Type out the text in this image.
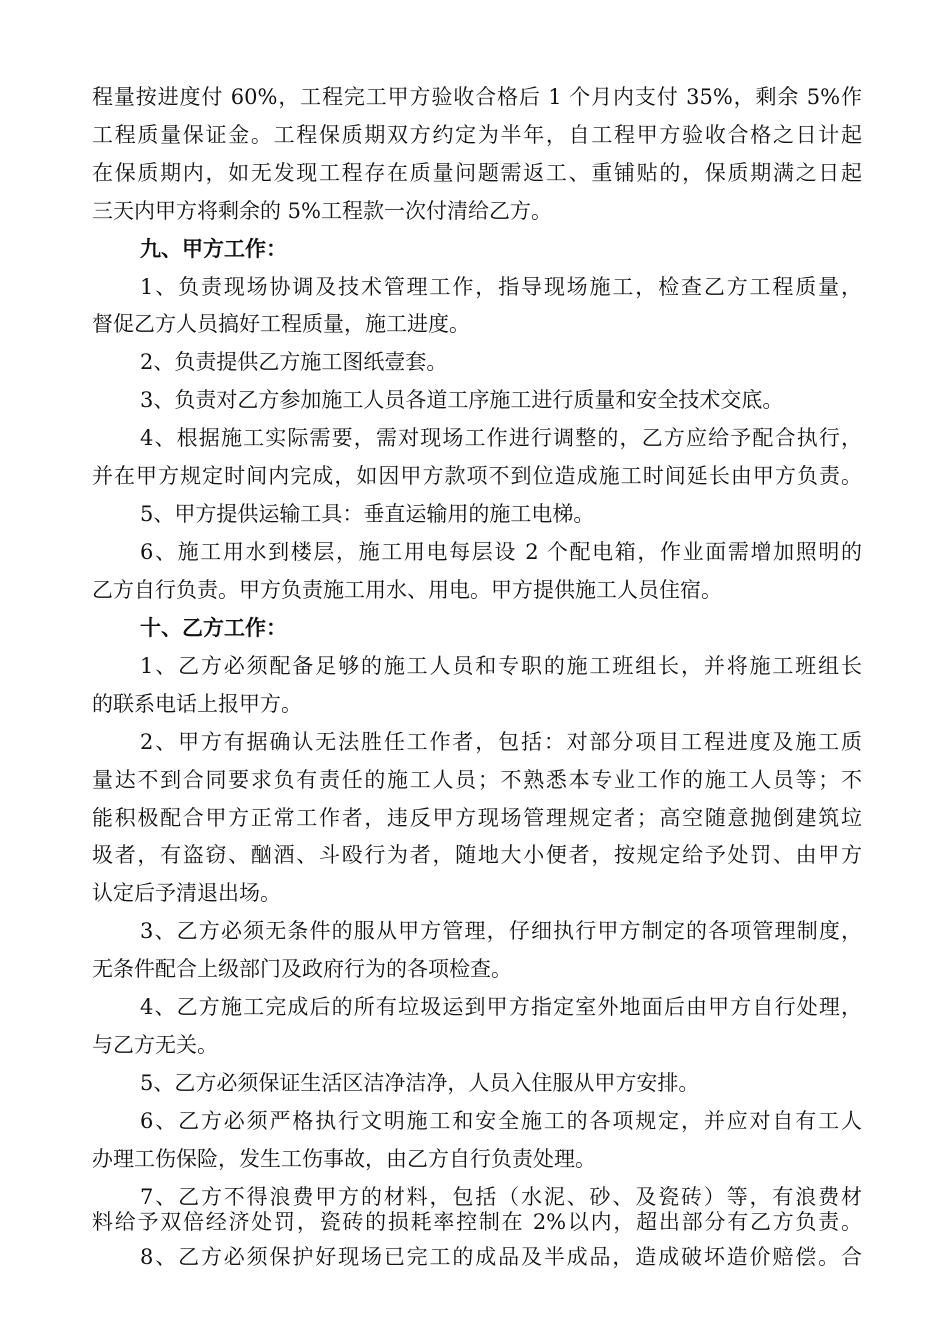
程量按进度付 60%，工程完工甲方验收合格后 1 个月内支付 35%，剩余 5%作
工程质量保证金。工程保质期双方约定为半年，自工程甲方验收合格之日计起
在保质期内，如无发现工程存在质量问题需返工、重铺贴的，保质期满之日起
三天内甲方将剩余的 5%工程款一次付清给乙方。
九、甲方工作：
1、负责现场协调及技术管理工作，指导现场施工，检查乙方工程质量，
督促乙方人员搞好工程质量，施工进度。
2、负责提供乙方施工图纸壹套。
3、负责对乙方参加施工人员各道工序施工进行质量和安全技术交底。
4、根据施工实际需要，需对现场工作进行调整的，乙方应给予配合执行，
并在甲方规定时间内完成，如因甲方款项不到位造成施工时间延长由甲方负责。
5、甲方提供运输工具：垂直运输用的施工电梯。
6、施工用水到楼层，施工用电每层设 2 个配电箱，作业面需增加照明的
乙方自行负责。甲方负责施工用水、用电。甲方提供施工人员住宿。
十、乙方工作：
1、乙方必须配备足够的施工人员和专职的施工班组长，并将施工班组长
的联系电话上报甲方。
2、甲方有据确认无法胜任工作者，包括：对部分项目工程进度及施工质
量达不到合同要求负有责任的施工人员；不熟悉本专业工作的施工人员等；不
能积极配合甲方正常工作者，违反甲方现场管理规定者；高空随意抛倒建筑垃
圾者，有盗窃、酗酒、斗殴行为者，随地大小便者，按规定给予处罚、由甲方
认定后予清退出场。
3、乙方必须无条件的服从甲方管理，仔细执行甲方制定的各项管理制度，
无条件配合上级部门及政府行为的各项检查。
4、乙方施工完成后的所有垃圾运到甲方指定室外地面后由甲方自行处理，
与乙方无关。
5、乙方必须保证生活区洁净洁净，人员入住服从甲方安排。
6、乙方必须严格执行文明施工和安全施工的各项规定，并应对自有工人
办理工伤保险，发生工伤事故，由乙方自行负责处理。
7、乙方不得浪费甲方的材料，包括（水泥、砂、及瓷砖）等，有浪费材
料给予双倍经济处罚，瓷砖的损耗率控制在 2%以内，超出部分有乙方负责。
8、乙方必须保护好现场已完工的成品及半成品，造成破坏造价赔偿。合
